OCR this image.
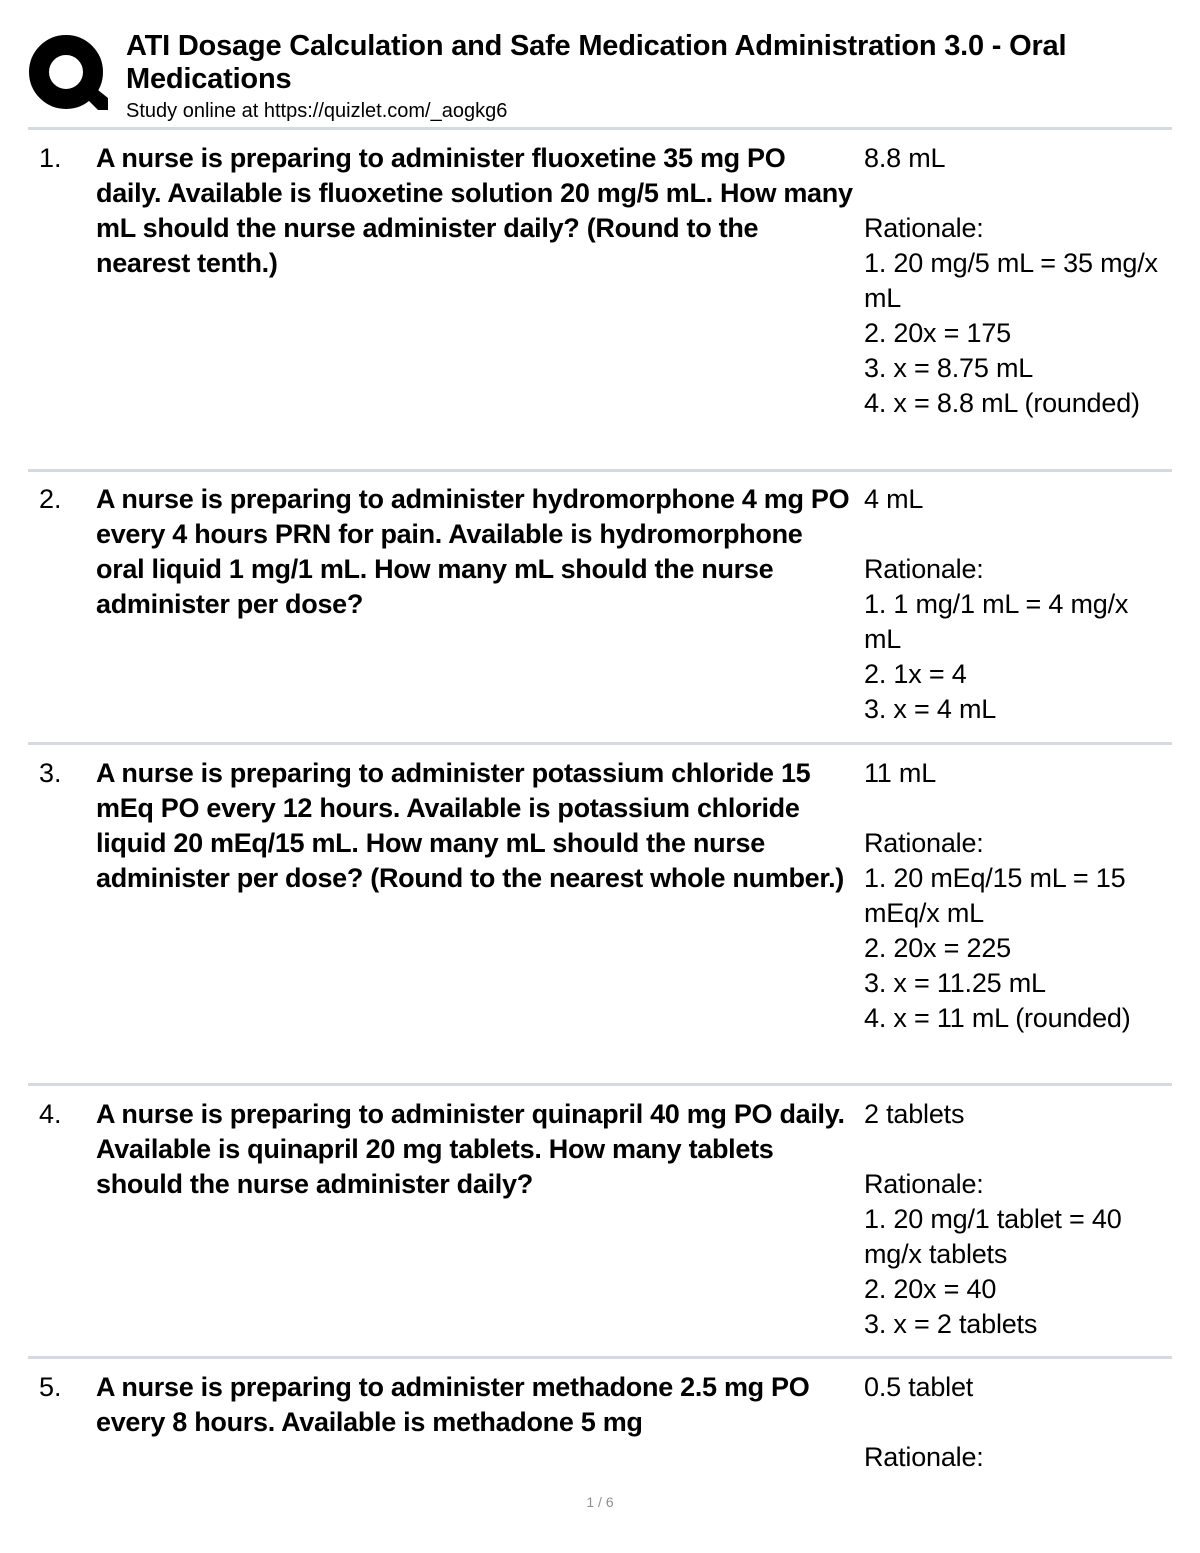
ATI Dosage Calculation and Safe Medication Administration 3.0 - Oral Medications
Study online at https://quizlet.com/_aogkg6
1. A nurse is preparing to administer fluoxetine 35 mg PO daily. Available is fluoxetine solution 20 mg/5 mL. How many mL should the nurse administer daily? (Round to the nearest tenth.)
8.8 mL
Rationale:
1. 20 mg/5 mL = 35 mg/x mL
2. 20x = 175
3. x = 8.75 mL
4. x = 8.8 mL (rounded)
2. A nurse is preparing to administer hydromorphone 4 mg PO every 4 hours PRN for pain. Available is hydromorphone oral liquid 1 mg/1 mL. How many mL should the nurse administer per dose?
4 mL
Rationale:
1. 1 mg/1 mL = 4 mg/x mL
2. 1x = 4
3. x = 4 mL
3. A nurse is preparing to administer potassium chloride 15 mEq PO every 12 hours. Available is potassium chloride liquid 20 mEq/15 mL. How many mL should the nurse administer per dose? (Round to the nearest whole number.)
11 mL
Rationale:
1. 20 mEq/15 mL = 15 mEq/x mL
2. 20x = 225
3. x = 11.25 mL
4. x = 11 mL (rounded)
4. A nurse is preparing to administer quinapril 40 mg PO daily. Available is quinapril 20 mg tablets. How many tablets should the nurse administer daily?
2 tablets
Rationale:
1. 20 mg/1 tablet = 40 mg/x tablets
2. 20x = 40
3. x = 2 tablets
5. A nurse is preparing to administer methadone 2.5 mg PO every 8 hours. Available is methadone 5 mg
0.5 tablet
Rationale:
1 / 6
